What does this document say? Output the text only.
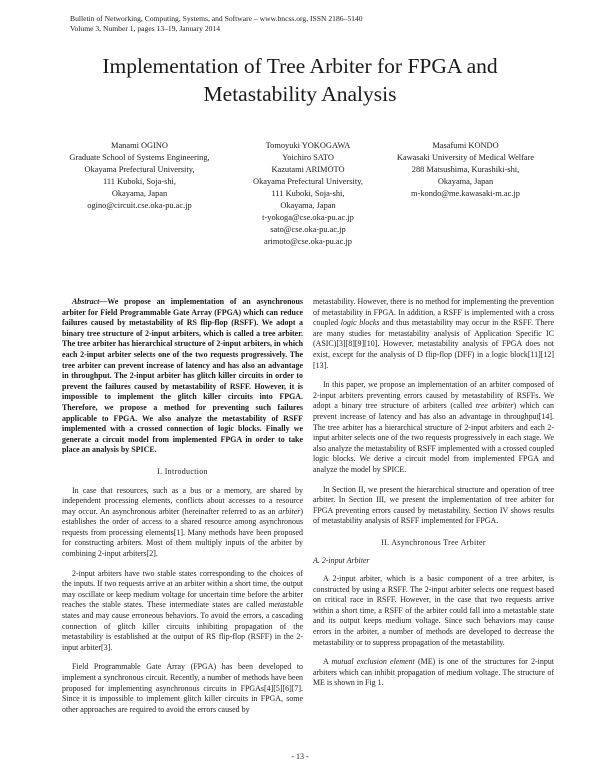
Bulletin of Networking, Computing, Systems, and Software – www.bncss.org, ISSN 2186–5140
Volume 3, Number 1, pages 13–19, January 2014
Implementation of Tree Arbiter for FPGA and
Metastability Analysis
Manami OGINO
Graduate School of Systems Engineering,
Okayama Prefectural University,
111 Kuboki, Soja-shi,
Okayama, Japan
ogino@circuit.cse.oka-pu.ac.jp
Tomoyuki YOKOGAWA
Yoichiro SATO
Kazutami ARIMOTO
Okayama Prefectural University,
111 Kuboki, Soja-shi,
Okayama, Japan
t-yokoga@cse.oka-pu.ac.jp
sato@cse.oka-pu.ac.jp
arimoto@cse.oka-pu.ac.jp
Masafumi KONDO
Kawasaki University of Medical Welfare
288 Matsushima, Kurashiki-shi,
Okayama, Japan
m-kondo@me.kawasaki-m.ac.jp

Abstract—We propose an implementation of an asynchronous arbiter for Field Programmable Gate Array (FPGA) which can reduce failures caused by metastability of RS flip-flop (RSFF). We adopt a binary tree structure of 2-input arbiters, which is called a tree arbiter. The tree arbiter has hierarchical structure of 2-input arbiters, in which each 2-input arbiter selects one of the two requests progressively. The tree arbiter can prevent increase of latency and has also an advantage in throughput. The 2-input arbiter has glitch killer circuits in order to prevent the failures caused by metastability of RSFF. However, it is impossible to implement the glitch killer circuits into FPGA. Therefore, we propose a method for preventing such failures applicable to FPGA. We also analyze the metastability of RSFF implemented with a crossed connection of logic blocks. Finally we generate a circuit model from implemented FPGA in order to take place an analysis by SPICE.

I. Introduction

In case that resources, such as a bus or a memory, are shared by independent processing elements, conflicts about accesses to a resource may occur. An asynchronous arbiter (hereinafter referred to as an arbiter) establishes the order of access to a shared resource among asynchronous requests from processing elements[1]. Many methods have been proposed for constructing arbiters. Most of them multiply inputs of the arbiter by combining 2-input arbiters[2].

2-input arbiters have two stable states corresponding to the choices of the inputs. If two requests arrive at an arbiter within a short time, the output may oscillate or keep medium voltage for uncertain time before the arbiter reaches the stable states. These intermediate states are called metastable states and may cause erroneous behaviors. To avoid the errors, a cascading connection of glitch killer circuits inhibiting propagation of the metastability is established at the output of RS flip-flop (RSFF) in the 2-input arbiter[3].

Field Programmable Gate Array (FPGA) has been developed to implement a synchronous circuit. Recently, a number of methods have been proposed for implementing asynchronous circuits in FPGAs[4][5][6][7]. Since it is impossible to implement glitch killer circuits in FPGA, some other approaches are required to avoid the errors caused by

metastability. However, there is no method for implementing the prevention of metastability in FPGA. In addition, a RSFF is implemented with a cross coupled logic blocks and thus metastability may occur in the RSFF. There are many studies for metastability analysis of Application Specific IC (ASIC)[3][8][9][10]. However, metastability analysis of FPGA does not exist, except for the analysis of D flip-flop (DFF) in a logic block[11][12][13].

In this paper, we propose an implementation of an arbiter composed of 2-input arbiters preventing errors caused by metastability of RSFFs. We adopt a binary tree structure of arbiters (called tree arbiter) which can prevent increase of latency and has also an advantage in throughput[14]. The tree arbiter has a hierarchical structure of 2-input arbiters and each 2-input arbiter selects one of the two requests progressively in each stage. We also analyze the metastability of RSFF implemented with a crossed coupled logic blocks. We derive a circuit model from implemented FPGA and analyze the model by SPICE.

In Section II, we present the hierarchical structure and operation of tree arbiter. In Section III, we present the implementation of tree arbiter for FPGA preventing errors caused by metastability. Section IV shows results of metastability analysis of RSFF implemented for FPGA.

II. Asynchronous Tree Arbiter
A. 2-input Arbiter

A 2-input arbiter, which is a basic component of a tree arbiter, is constructed by using a RSFF. The 2-input arbiter selects one request based on critical race in RSFF. However, in the case that two requests arrive within a short time, a RSFF of the arbiter could fall into a metastable state and its output keeps medium voltage. Since such behaviors may cause errors in the arbiter, a number of methods are developed to decrease the metastability or to suppress propagation of the metastability.

A mutual exclusion element (ME) is one of the structures for 2-input arbiters which can inhibit propagation of medium voltage. The structure of ME is shown in Fig 1.

- 13 -
